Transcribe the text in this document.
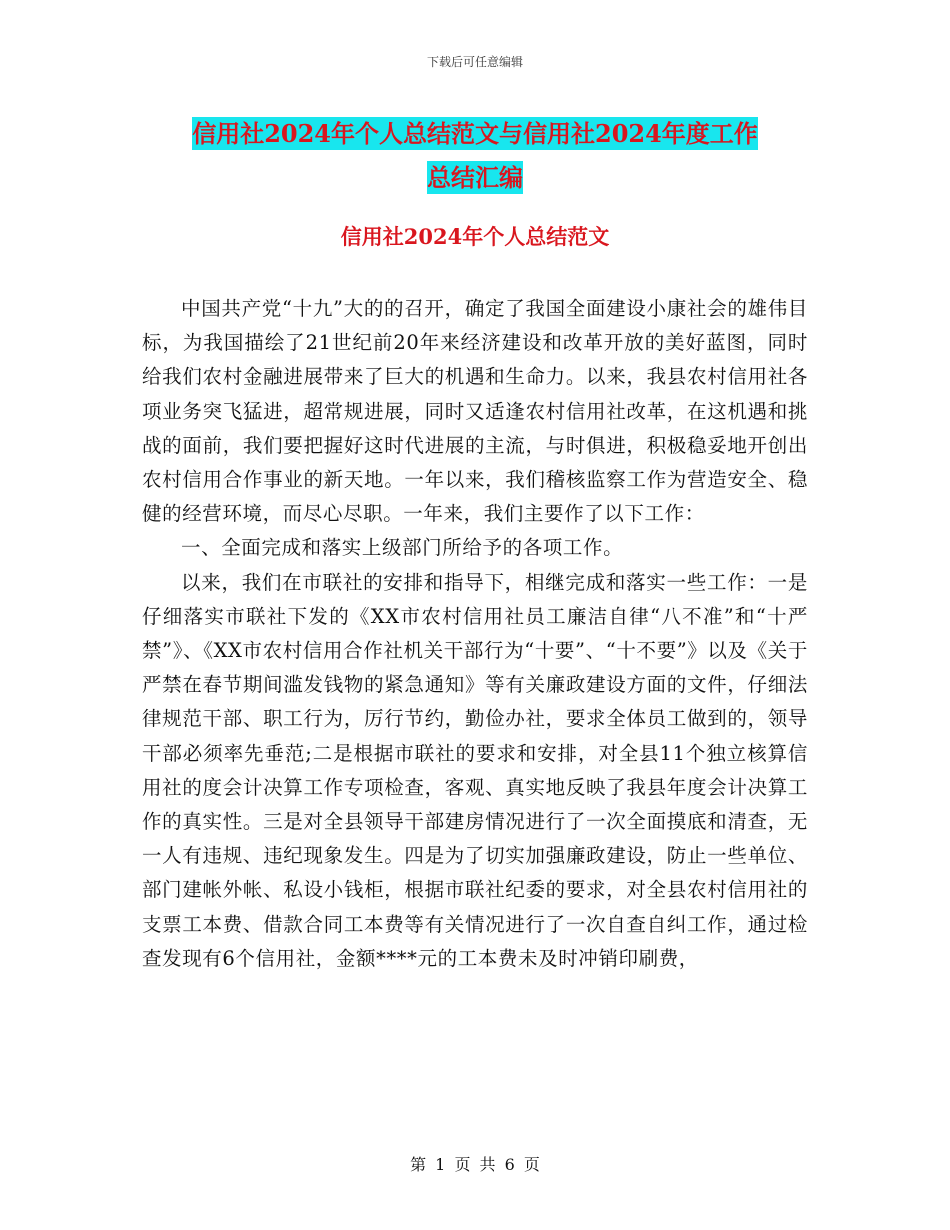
下载后可任意编辑
信用社2024年个人总结范文与信用社2024年度工作
总结汇编
信用社2024年个人总结范文

中国共产党“十九”大的的召开，确定了我国全面建设小康社会的雄伟目标，为我国描绘了21世纪前20年来经济建设和改革开放的美好蓝图，同时给我们农村金融进展带来了巨大的机遇和生命力。以来，我县农村信用社各项业务突飞猛进，超常规进展，同时又适逢农村信用社改革，在这机遇和挑战的面前，我们要把握好这时代进展的主流，与时俱进，积极稳妥地开创出农村信用合作事业的新天地。一年以来，我们稽核监察工作为营造安全、稳健的经营环境，而尽心尽职。一年来，我们主要作了以下工作：

一、全面完成和落实上级部门所给予的各项工作。

以来，我们在市联社的安排和指导下，相继完成和落实一些工作：一是仔细落实市联社下发的《XX市农村信用社员工廉洁自律“八不准”和“十严禁”》、《XX市农村信用合作社机关干部行为“十要”、“十不要”》以及《关于严禁在春节期间滥发钱物的紧急通知》等有关廉政建设方面的文件，仔细法律规范干部、职工行为，厉行节约，勤俭办社，要求全体员工做到的，领导干部必须率先垂范;二是根据市联社的要求和安排，对全县11个独立核算信用社的度会计决算工作专项检查，客观、真实地反映了我县年度会计决算工作的真实性。三是对全县领导干部建房情况进行了一次全面摸底和清查，无一人有违规、违纪现象发生。四是为了切实加强廉政建设，防止一些单位、部门建帐外帐、私设小钱柜，根据市联社纪委的要求，对全县农村信用社的支票工本费、借款合同工本费等有关情况进行了一次自查自纠工作，通过检查发现有6个信用社，金额****元的工本费未及时冲销印刷费，

第 1 页 共 6 页
